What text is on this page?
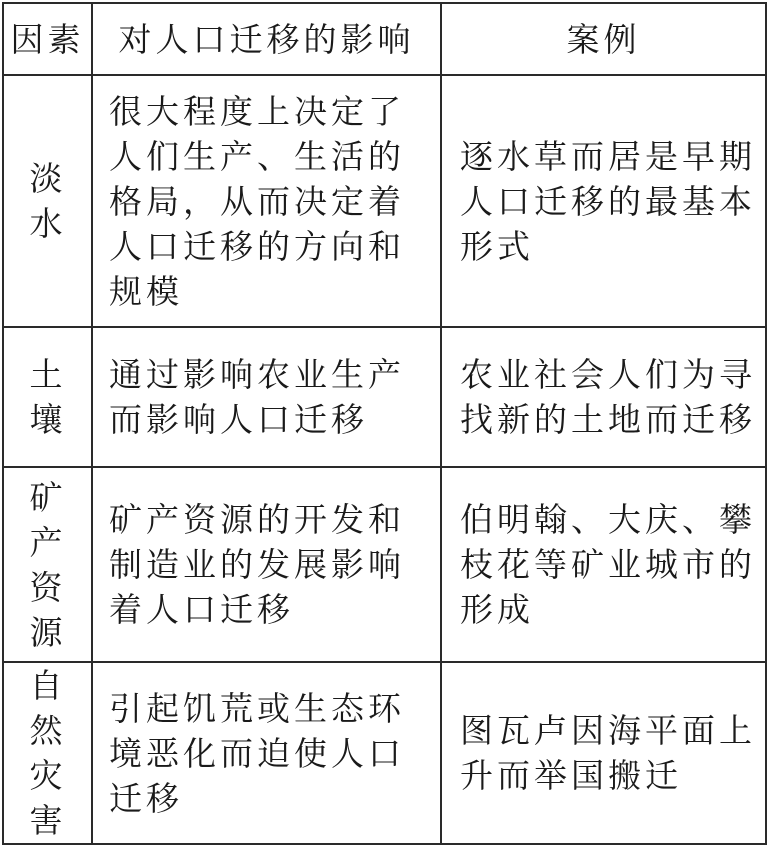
因素	对人口迁移的影响	案例
淡水	很大程度上决定了人们生产、生活的格局，从而决定着人口迁移的方向和规模	逐水草而居是早期人口迁移的最基本形式
土壤	通过影响农业生产而影响人口迁移	农业社会人们为寻找新的土地而迁移
矿产资源	矿产资源的开发和制造业的发展影响着人口迁移	伯明翰、大庆、攀枝花等矿业城市的形成
自然灾害	引起饥荒或生态环境恶化而迫使人口迁移	图瓦卢因海平面上升而举国搬迁
